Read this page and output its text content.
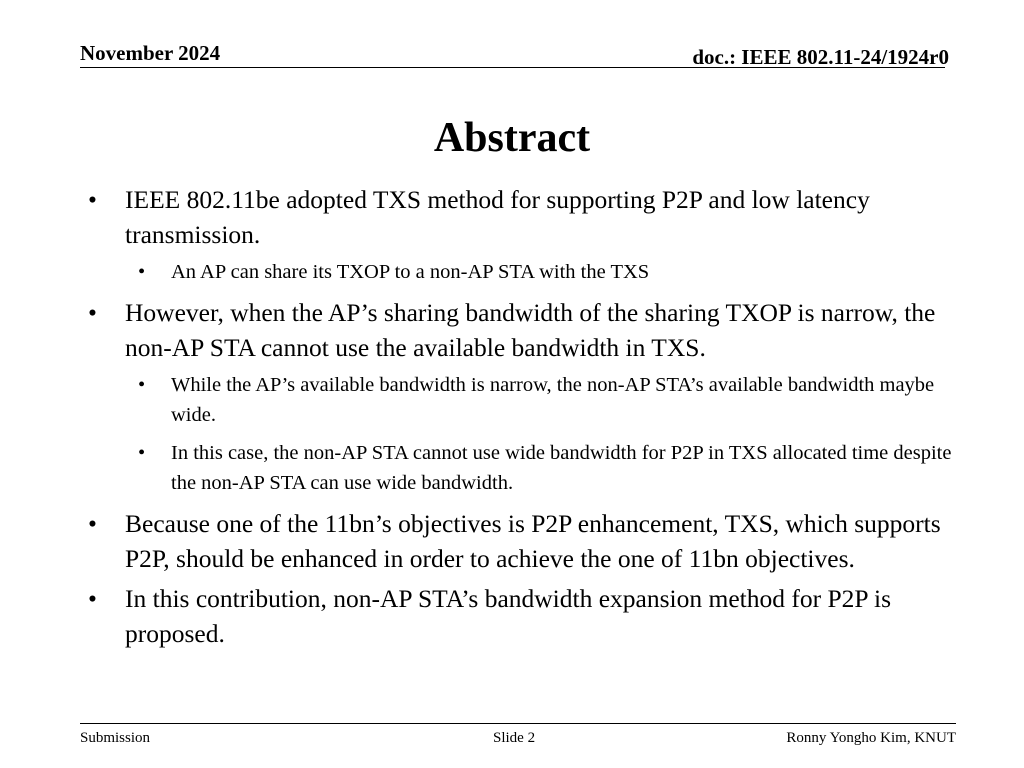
November 2024	doc.: IEEE 802.11-24/1924r0
Abstract
• IEEE 802.11be adopted TXS method for supporting P2P and low latency transmission.
• An AP can share its TXOP to a non-AP STA with the TXS
• However, when the AP’s sharing bandwidth of the sharing TXOP is narrow, the non-AP STA cannot use the available bandwidth in TXS.
• While the AP’s available bandwidth is narrow, the non-AP STA’s available bandwidth maybe wide.
• In this case, the non-AP STA cannot use wide bandwidth for P2P in TXS allocated time despite the non-AP STA can use wide bandwidth.
• Because one of the 11bn’s objectives is P2P enhancement, TXS, which supports P2P, should be enhanced in order to achieve the one of 11bn objectives.
• In this contribution, non-AP STA’s bandwidth expansion method for P2P is proposed.
Submission	Slide 2	Ronny Yongho Kim, KNUT
